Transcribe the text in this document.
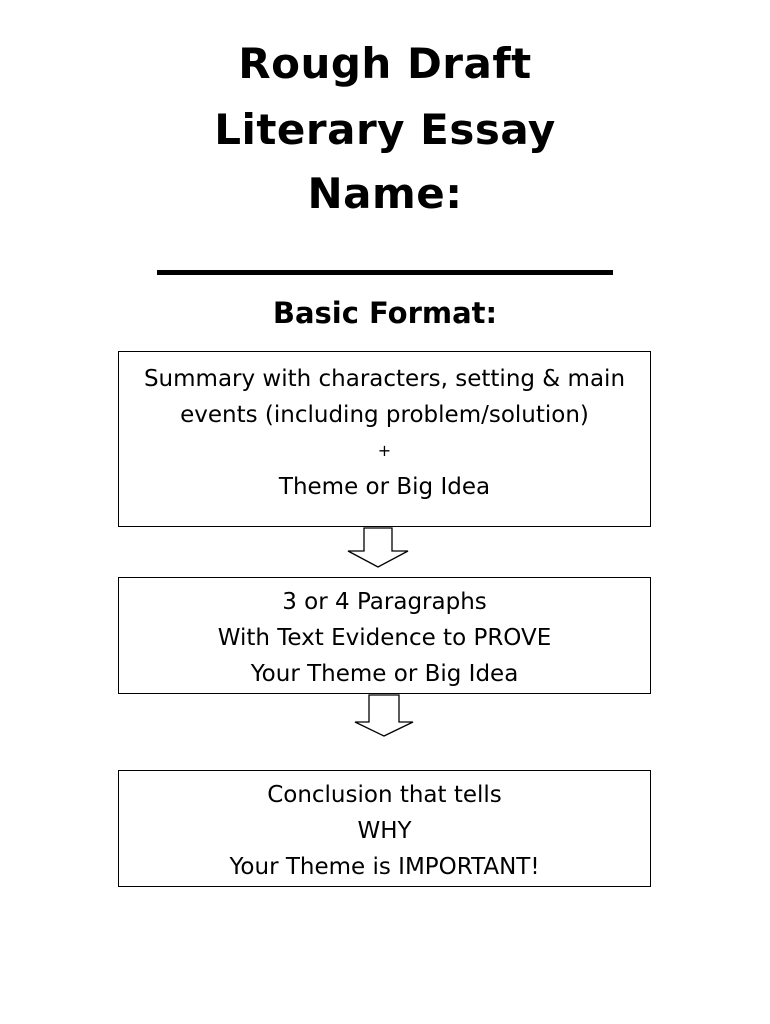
Rough Draft
Literary Essay
Name:
Basic Format:
Summary with characters, setting & main
events (including problem/solution)
+
Theme or Big Idea
3 or 4 Paragraphs
With Text Evidence to PROVE
Your Theme or Big Idea
Conclusion that tells
WHY
Your Theme is IMPORTANT!
